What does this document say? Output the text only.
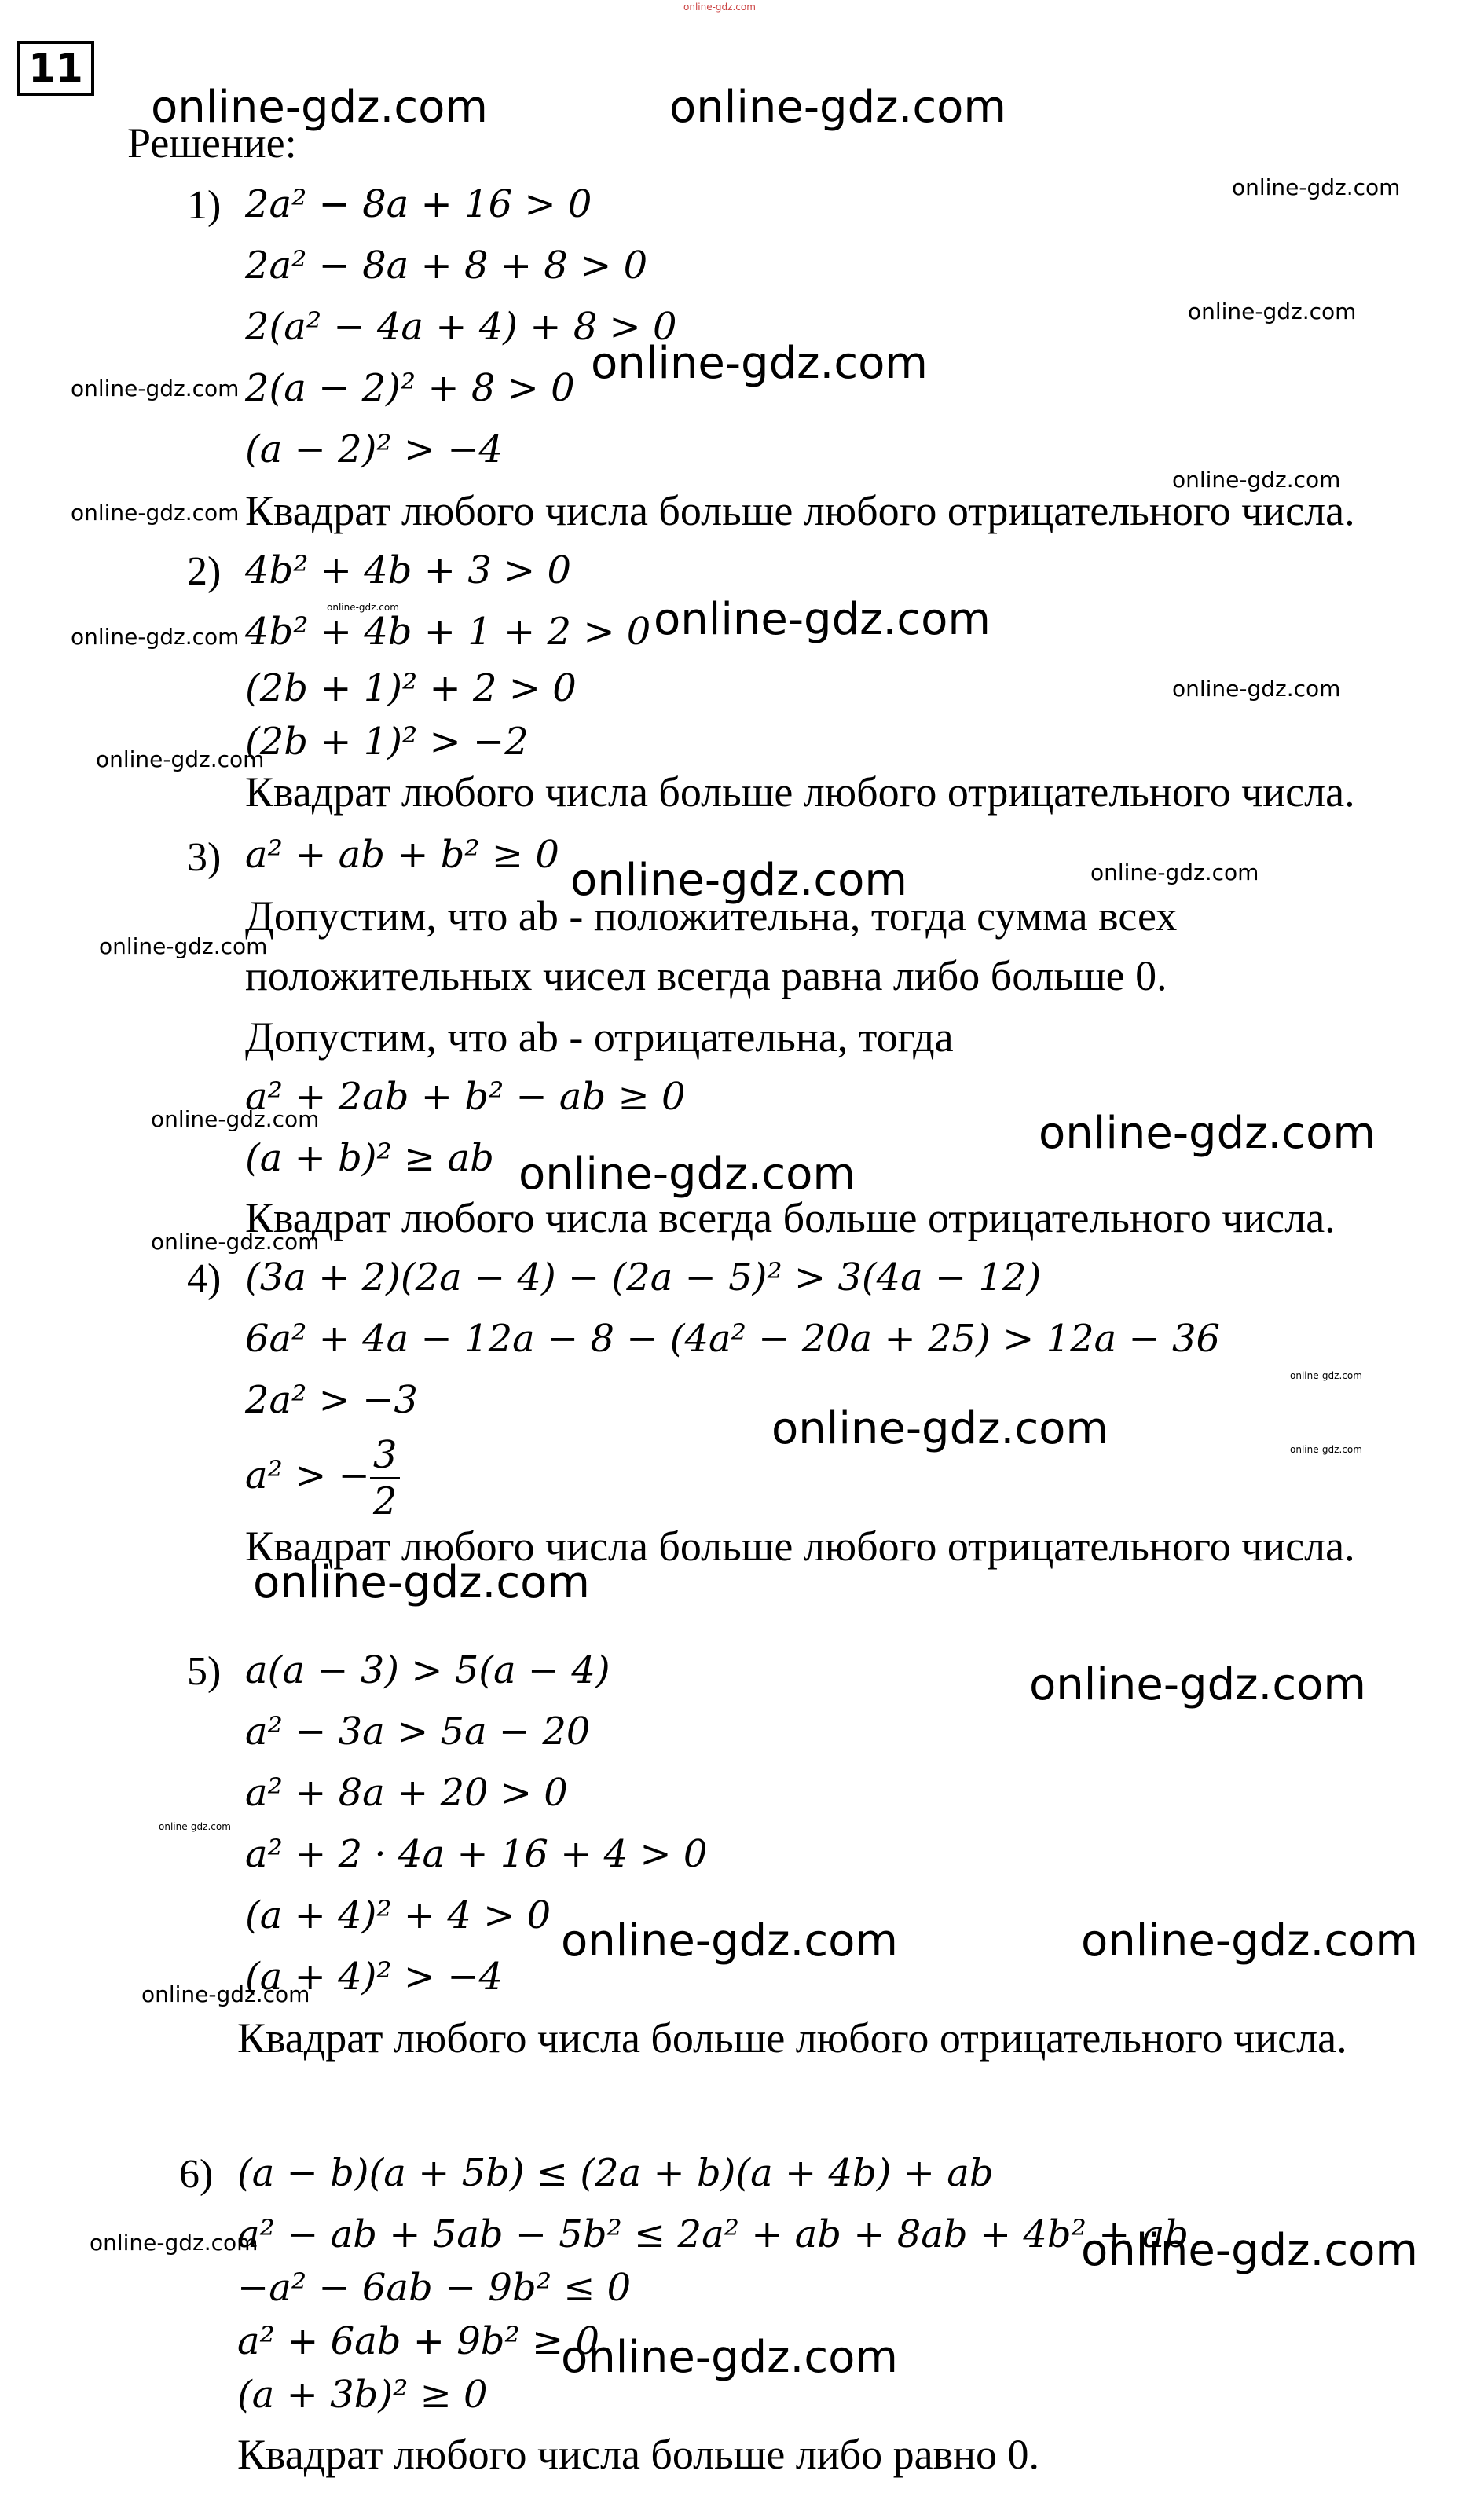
online-gdz.com
11
Решение:
1) 2a² − 8a + 16 > 0
2a² − 8a + 8 + 8 > 0
2(a² − 4a + 4) + 8 > 0
2(a − 2)² + 8 > 0
(a − 2)² > −4
Квадрат любого числа больше любого отрицательного числа.
2) 4b² + 4b + 3 > 0
4b² + 4b + 1 + 2 > 0
(2b + 1)² + 2 > 0
(2b + 1)² > −2
Квадрат любого числа больше любого отрицательного числа.
3) a² + ab + b² ≥ 0
Допустим, что ab - положительна, тогда сумма всех
положительных чисел всегда равна либо больше 0.
Допустим, что ab - отрицательна, тогда
a² + 2ab + b² − ab ≥ 0
(a + b)² ≥ ab
Квадрат любого числа всегда больше отрицательного числа.
4) (3a + 2)(2a − 4) − (2a − 5)² > 3(4a − 12)
6a² + 4a − 12a − 8 − (4a² − 20a + 25) > 12a − 36
2a² > −3
a² > − $\frac{3}{2}$
Квадрат любого числа больше любого отрицательного числа.
5) a(a − 3) > 5(a − 4)
a² − 3a > 5a − 20
a² + 8a + 20 > 0
a² + 2 · 4a + 16 + 4 > 0
(a + 4)² + 4 > 0
(a + 4)² > −4
Квадрат любого числа больше любого отрицательного числа.
6) (a − b)(a + 5b) ≤ (2a + b)(a + 4b) + ab
a² − ab + 5ab − 5b² ≤ 2a² + ab + 8ab + 4b² + ab
−a² − 6ab − 9b² ≤ 0
a² + 6ab + 9b² ≥ 0
(a + 3b)² ≥ 0
Квадрат любого числа больше либо равно 0.
online-gdz.com	online-gdz.com
online-gdz.com
online-gdz.com
online-gdz.com	online-gdz.com
online-gdz.com
online-gdz.com
online-gdz.com
online-gdz.com	online-gdz.com
online-gdz.com
online-gdz.com
online-gdz.com	online-gdz.com
online-gdz.com
online-gdz.com	online-gdz.com
online-gdz.com
online-gdz.com
online-gdz.com
online-gdz.com	online-gdz.com
online-gdz.com
online-gdz.com
online-gdz.com
online-gdz.com	online-gdz.com
online-gdz.com
online-gdz.com	online-gdz.com
online-gdz.com
